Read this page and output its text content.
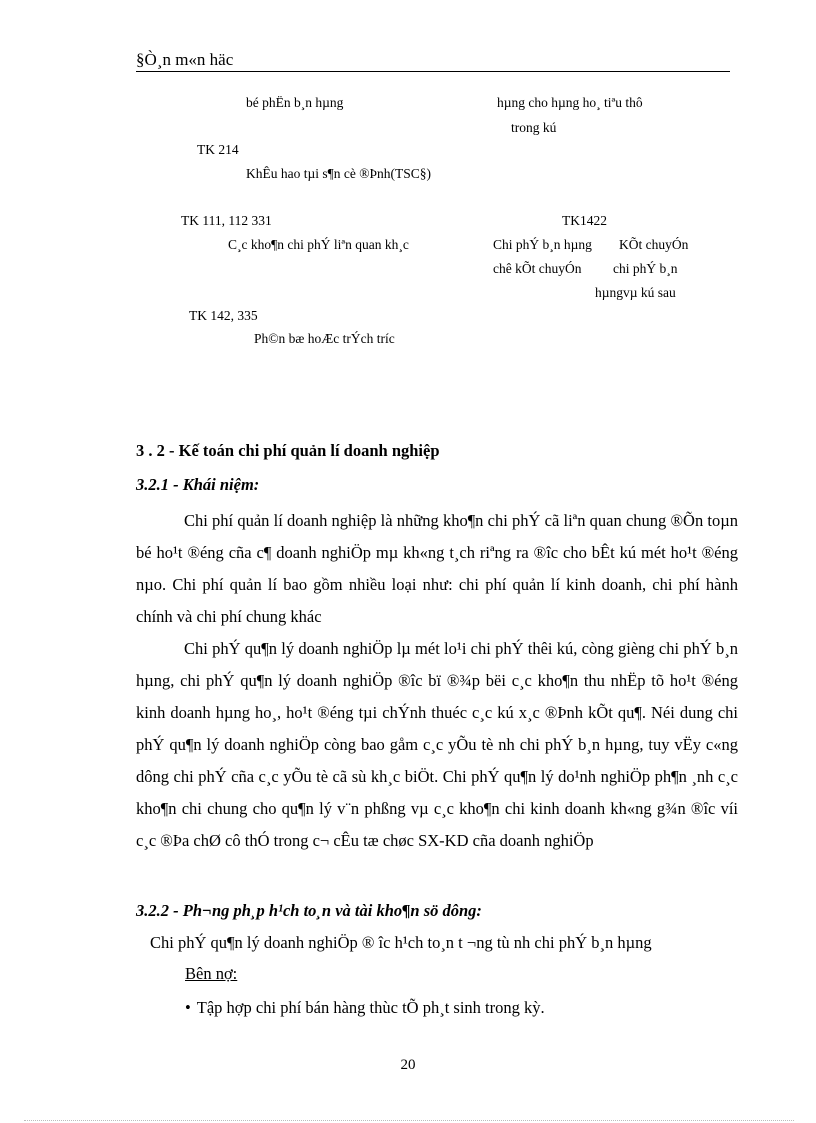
§Ò¸n m«n häc
bé phËn b¸n hµng	hµng cho hµng ho¸ tiªu thô
trong kú
TK 214
KhÊu hao tµi s¶n cè ®Þnh(TSC§)
TK 111, 112 331	TK1422
C¸c kho¶n chi phÝ liªn quan kh¸c	Chi phÝ b¸n hµng KÕt chuyÓn
chê kÕt chuyÓn chi phÝ b¸n
hµngvµ kú sau
TK 142, 335
Ph©n bæ hoÆc trÝch tríc
3 . 2 - Kế toán chi phí quản lí doanh nghiệp
3.2.1 - Khái niệm:

Chi phí quản lí doanh nghiệp là những kho¶n chi phÝ cã liªn quan chung ®Õn toµn bé ho¹t ®éng cña c¶ doanh nghiÖp mµ kh«ng t¸ch riªng ra ®îc cho bÊt kú mét ho¹t ®éng nµo. Chi phí quản lí bao gồm nhiều loại như: chi phí quản lí kinh doanh, chi phí hành chính và chi phí chung khác

Chi phÝ qu¶n lý doanh nghiÖp lµ mét lo¹i chi phÝ thêi kú, còng gièng chi phÝ b¸n hµng, chi phÝ qu¶n lý doanh nghiÖp ®îc bï ®¾p bëi c¸c kho¶n thu nhËp tõ ho¹t ®éng kinh doanh hµng ho¸, ho¹t ®éng tµi chÝnh thuéc c¸c kú x¸c ®Þnh kÕt qu¶. Néi dung chi phÝ qu¶n lý doanh nghiÖp còng bao gåm c¸c yÕu tè nh chi phÝ b¸n hµng, tuy vËy c«ng dông chi phÝ cña c¸c yÕu tè cã sù kh¸c biÖt. Chi phÝ qu¶n lý do¹nh nghiÖp ph¶n ¸nh c¸c kho¶n chi chung cho qu¶n lý v¨n phßng vµ c¸c kho¶n chi kinh doanh kh«ng g¾n ®îc víi c¸c ®Þa chØ cô thÓ trong c¬ cÊu tæ chøc SX-KD cña doanh nghiÖp

3.2.2 - Ph¬ng ph¸p h¹ch to¸n và tài kho¶n sö dông:
Chi phÝ qu¶n lý doanh nghiÖp ® îc h¹ch to¸n t ¬ng tù nh chi phÝ b¸n hµng
Bên nợ:
• Tập hợp chi phí bán hàng thùc tÕ ph¸t sinh trong kỳ.
20
